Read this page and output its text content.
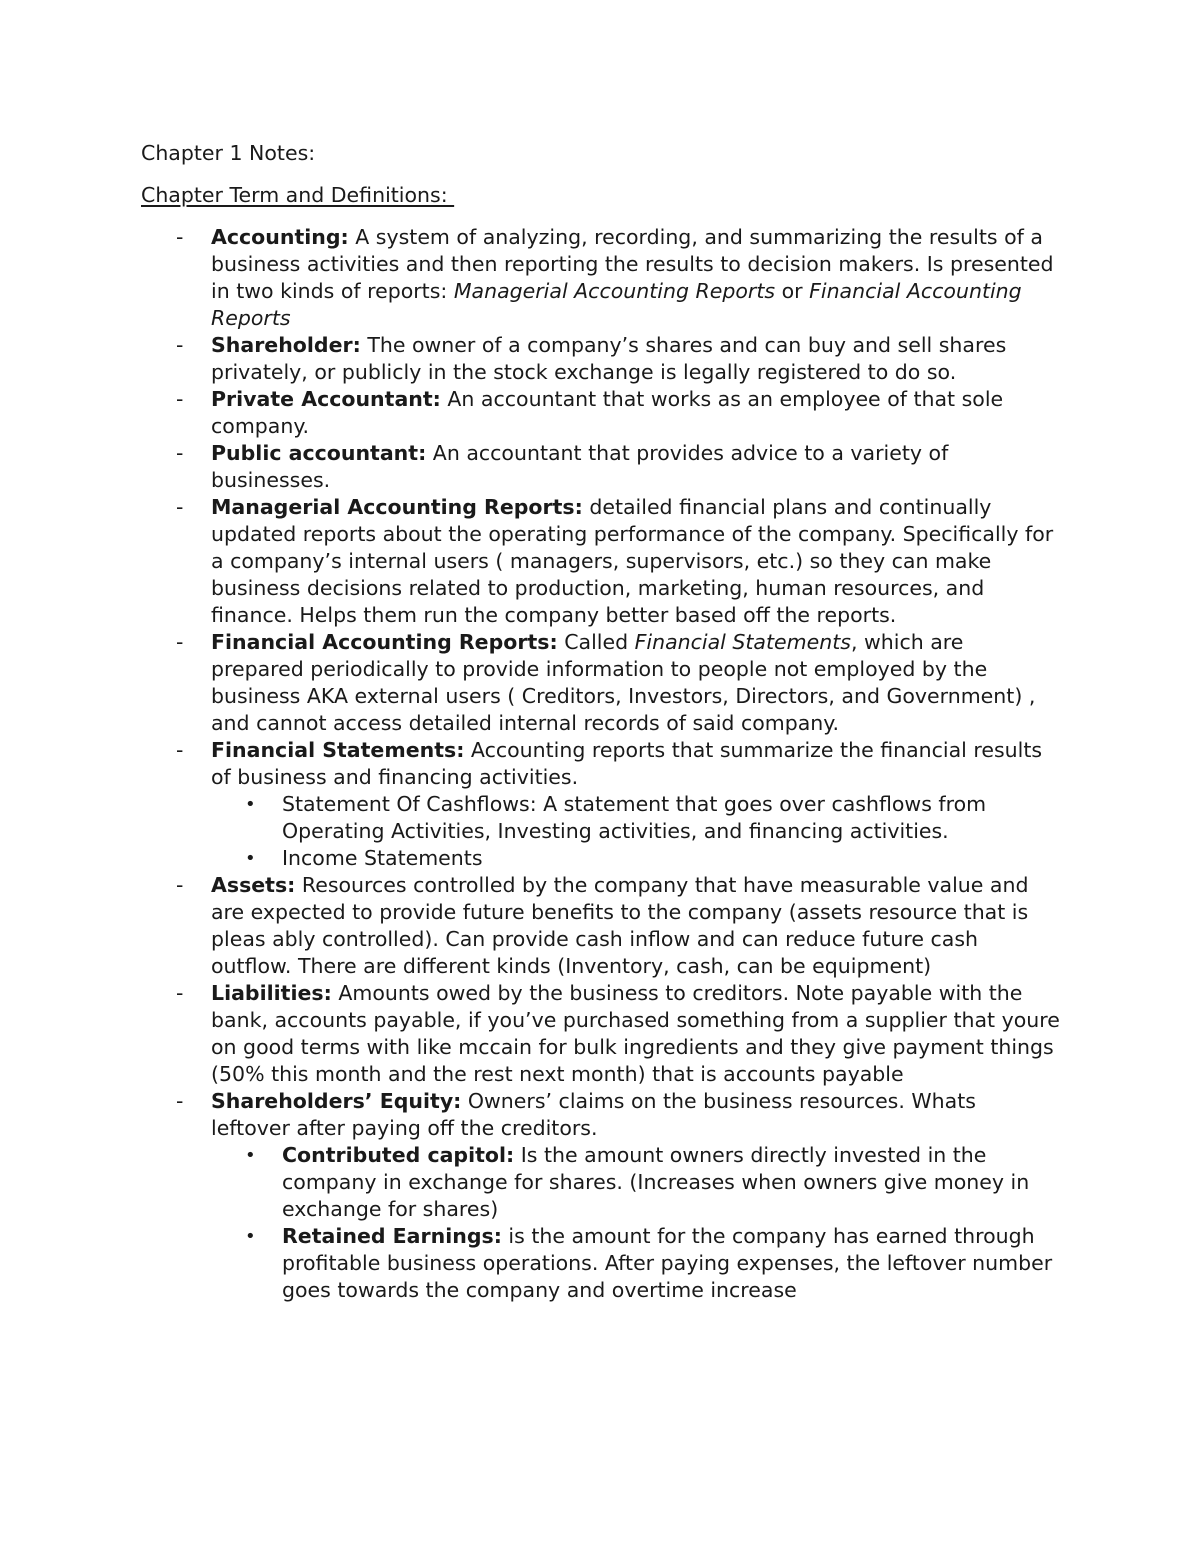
Chapter 1 Notes:

Chapter Term and Definitions:

- Accounting: A system of analyzing, recording, and summarizing the results of a business activities and then reporting the results to decision makers. Is presented in two kinds of reports: Managerial Accounting Reports or Financial Accounting Reports
- Shareholder: The owner of a company’s shares and can buy and sell shares privately, or publicly in the stock exchange is legally registered to do so.
- Private Accountant: An accountant that works as an employee of that sole company.
- Public accountant: An accountant that provides advice to a variety of businesses.
- Managerial Accounting Reports: detailed financial plans and continually updated reports about the operating performance of the company. Specifically for a company’s internal users ( managers, supervisors, etc.) so they can make business decisions related to production, marketing, human resources, and finance. Helps them run the company better based off the reports.
- Financial Accounting Reports: Called Financial Statements, which are prepared periodically to provide information to people not employed by the business AKA external users ( Creditors, Investors, Directors, and Government) , and cannot access detailed internal records of said company.
- Financial Statements: Accounting reports that summarize the financial results of business and financing activities.
• Statement Of Cashflows: A statement that goes over cashflows from Operating Activities, Investing activities, and financing activities.
• Income Statements
- Assets: Resources controlled by the company that have measurable value and are expected to provide future benefits to the company (assets resource that is pleas ably controlled). Can provide cash inflow and can reduce future cash outflow. There are different kinds (Inventory, cash, can be equipment)
- Liabilities: Amounts owed by the business to creditors. Note payable with the bank, accounts payable, if you’ve purchased something from a supplier that youre on good terms with like mccain for bulk ingredients and they give payment things (50% this month and the rest next month) that is accounts payable
- Shareholders’ Equity: Owners’ claims on the business resources. Whats leftover after paying off the creditors.
• Contributed capitol: Is the amount owners directly invested in the company in exchange for shares. (Increases when owners give money in exchange for shares)
• Retained Earnings: is the amount for the company has earned through profitable business operations. After paying expenses, the leftover number goes towards the company and overtime increase
